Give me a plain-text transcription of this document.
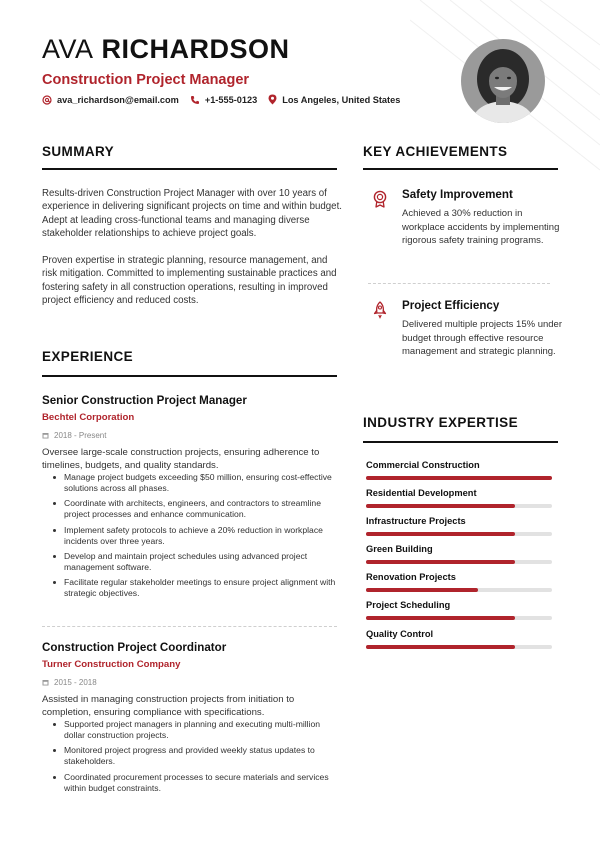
AVA RICHARDSON
Construction Project Manager
ava_richardson@email.com	+1-555-0123	Los Angeles, United States
SUMMARY
Results-driven Construction Project Manager with over 10 years of experience in delivering significant projects on time and within budget. Adept at leading cross-functional teams and managing diverse stakeholder relationships to achieve project goals.
Proven expertise in strategic planning, resource management, and risk mitigation. Committed to implementing sustainable practices and fostering safety in all construction operations, resulting in improved project efficiency and reduced costs.
EXPERIENCE
Senior Construction Project Manager
Bechtel Corporation
2018 - Present
Oversee large-scale construction projects, ensuring adherence to timelines, budgets, and quality standards.
Manage project budgets exceeding $50 million, ensuring cost-effective solutions across all phases.
Coordinate with architects, engineers, and contractors to streamline project processes and enhance communication.
Implement safety protocols to achieve a 20% reduction in workplace incidents over three years.
Develop and maintain project schedules using advanced project management software.
Facilitate regular stakeholder meetings to ensure project alignment with strategic objectives.
Construction Project Coordinator
Turner Construction Company
2015 - 2018
Assisted in managing construction projects from initiation to completion, ensuring compliance with specifications.
Supported project managers in planning and executing multi-million dollar construction projects.
Monitored project progress and provided weekly status updates to stakeholders.
Coordinated procurement processes to secure materials and services within budget constraints.
KEY ACHIEVEMENTS
Safety Improvement
Achieved a 30% reduction in workplace accidents by implementing rigorous safety training programs.
Project Efficiency
Delivered multiple projects 15% under budget through effective resource management and strategic planning.
INDUSTRY EXPERTISE
Commercial Construction
Residential Development
Infrastructure Projects
Green Building
Renovation Projects
Project Scheduling
Quality Control
